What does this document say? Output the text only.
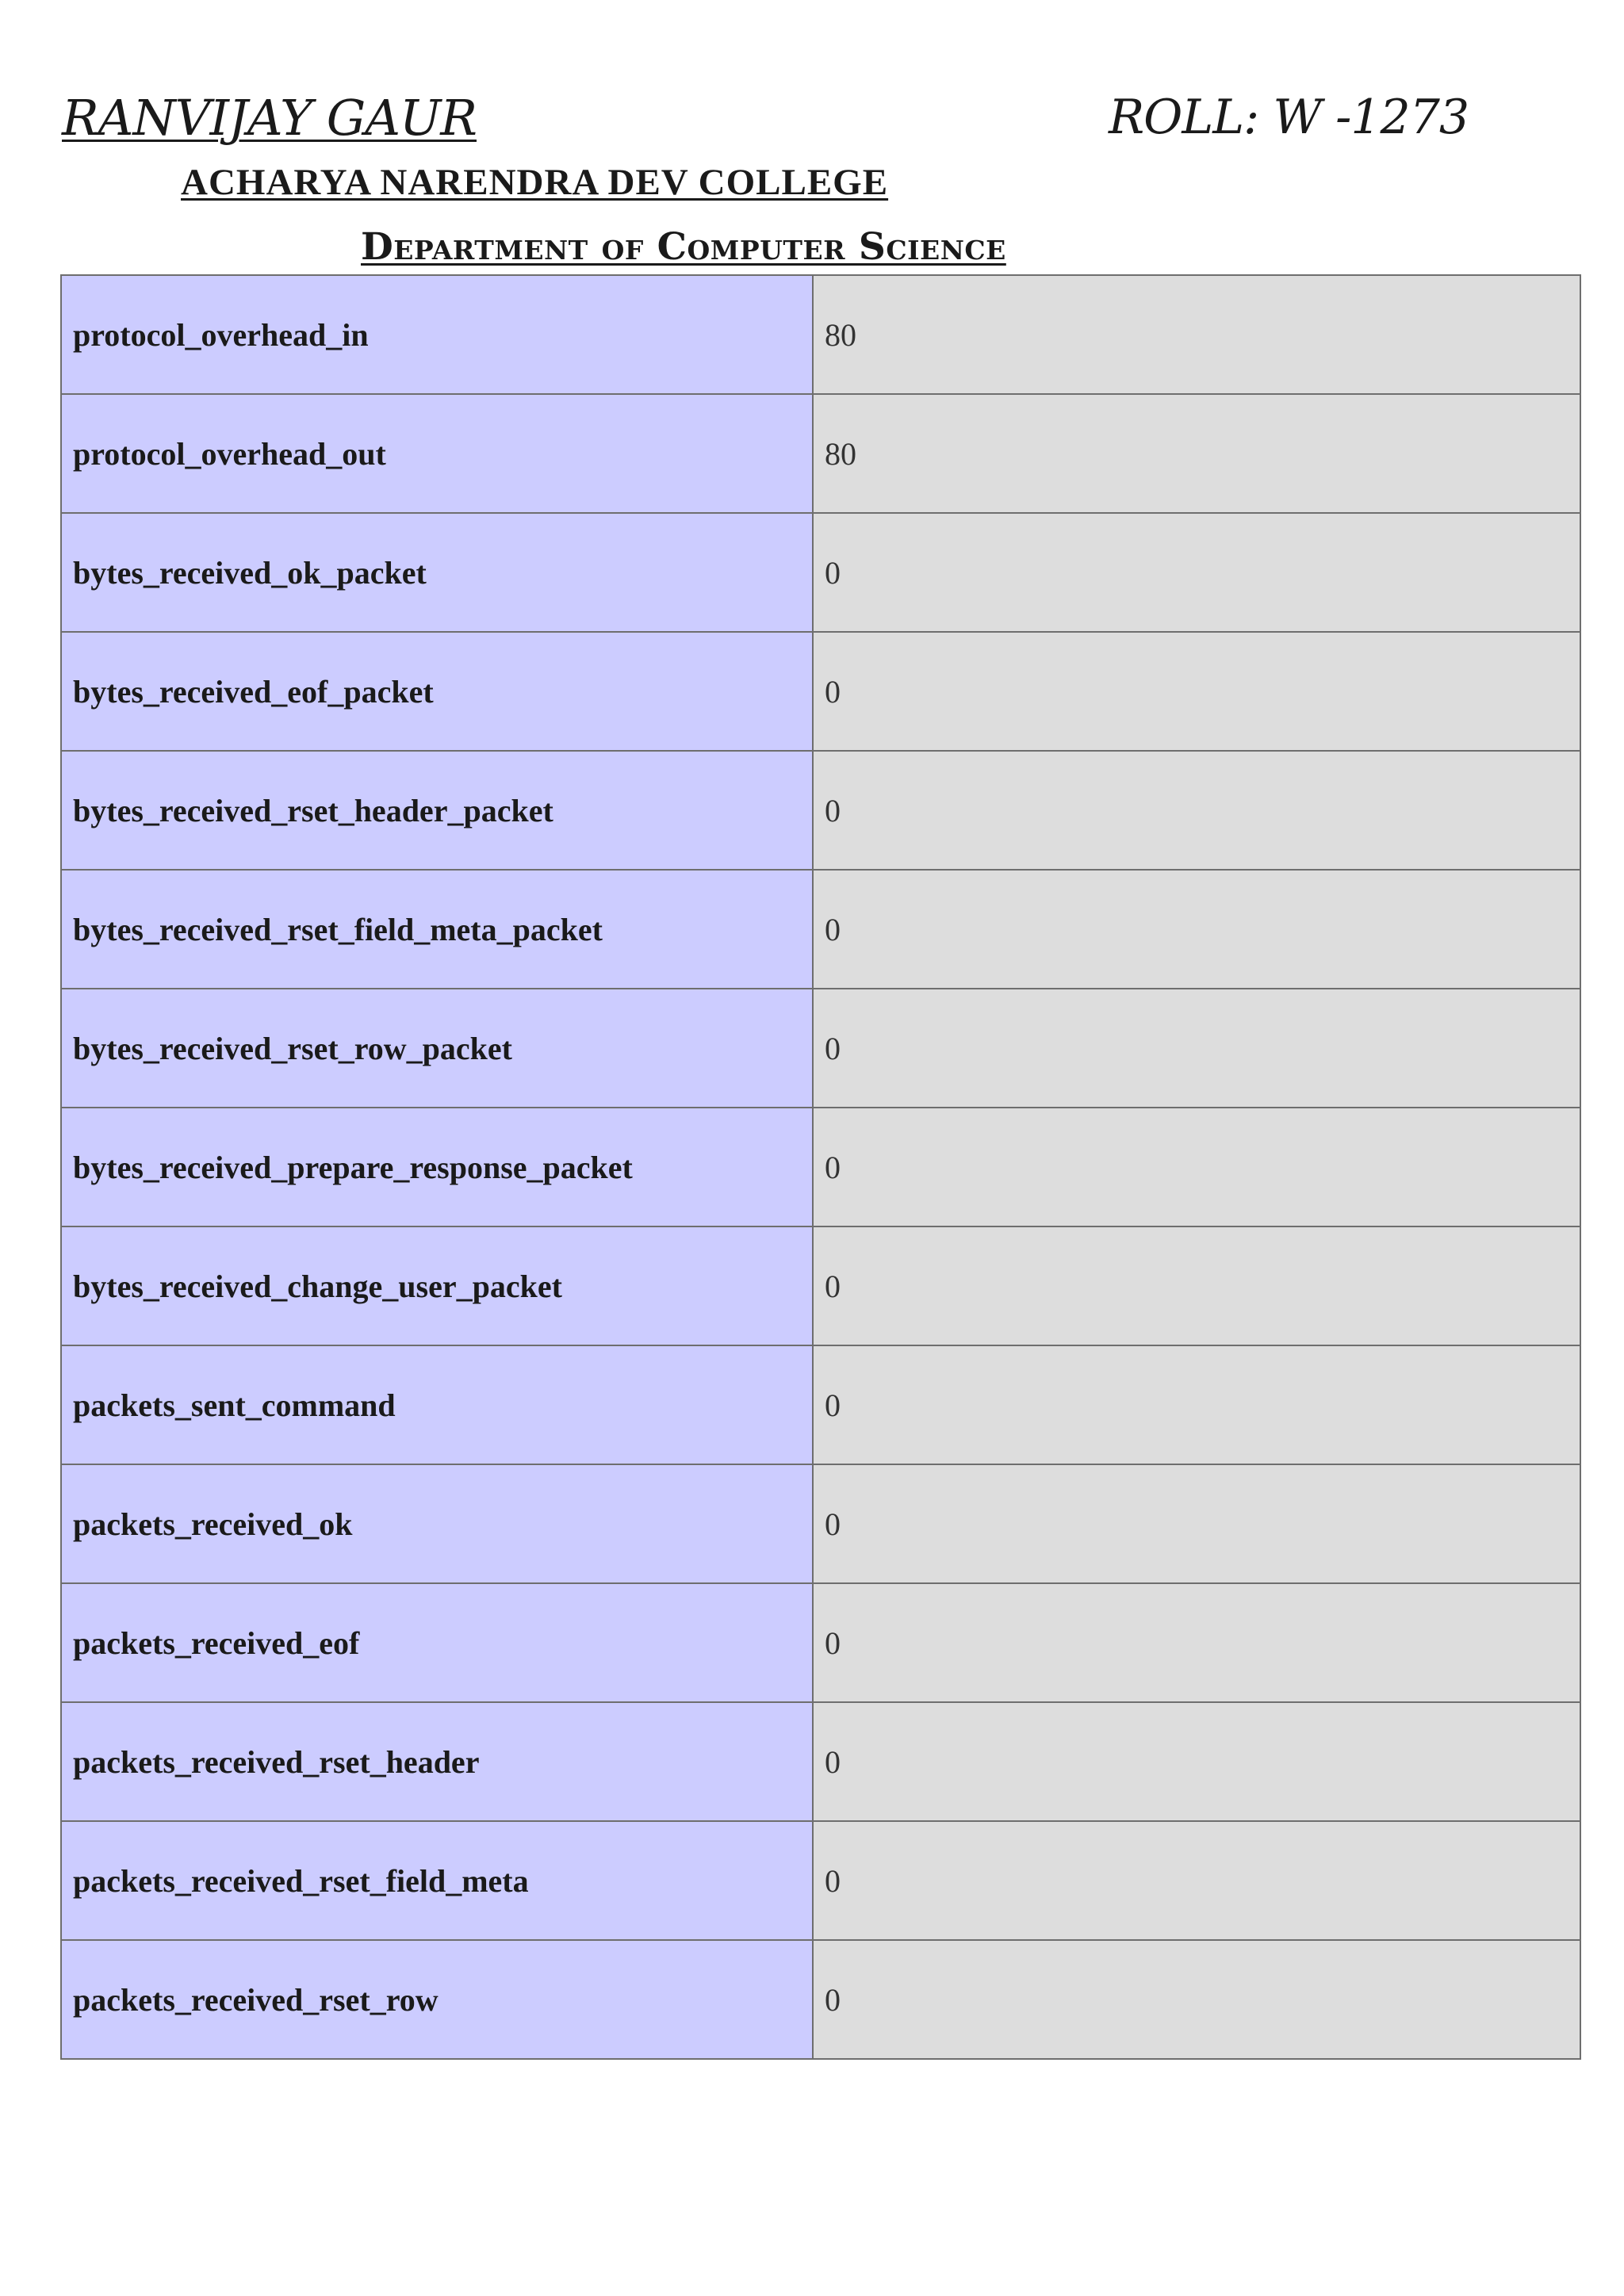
RANVIJAY GAUR	ROLL: W -1273
ACHARYA NARENDRA DEV COLLEGE
Department of Computer Science
protocol_overhead_in	80
protocol_overhead_out	80
bytes_received_ok_packet	0
bytes_received_eof_packet	0
bytes_received_rset_header_packet	0
bytes_received_rset_field_meta_packet	0
bytes_received_rset_row_packet	0
bytes_received_prepare_response_packet	0
bytes_received_change_user_packet	0
packets_sent_command	0
packets_received_ok	0
packets_received_eof	0
packets_received_rset_header	0
packets_received_rset_field_meta	0
packets_received_rset_row	0
